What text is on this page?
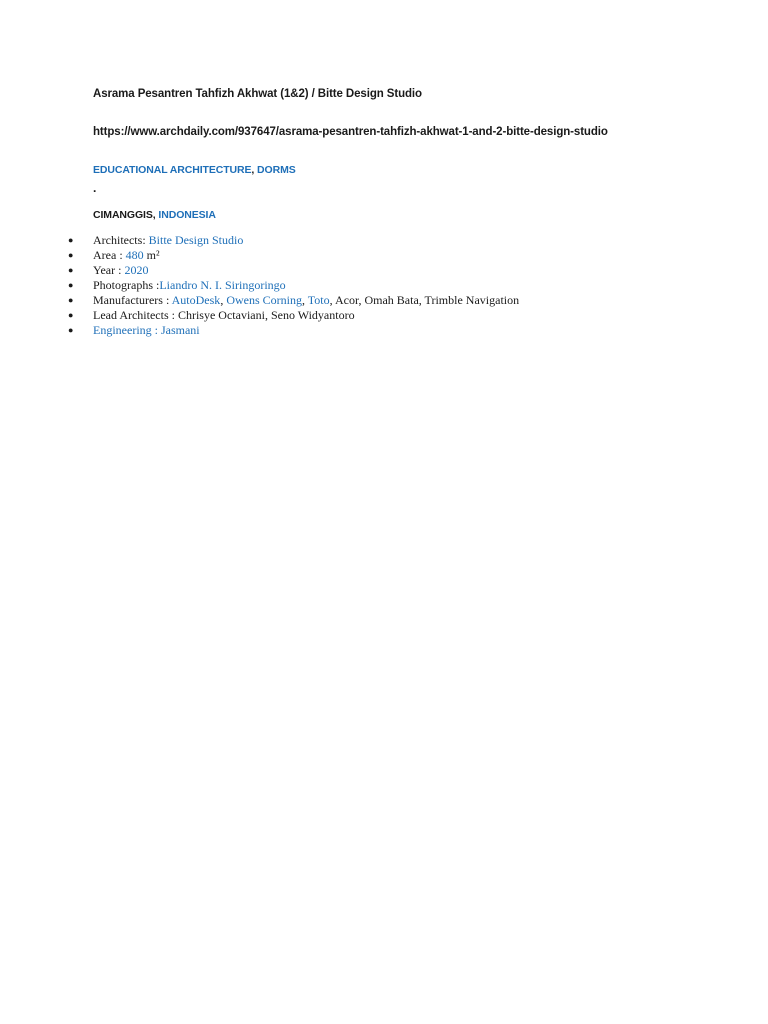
Asrama Pesantren Tahfizh Akhwat (1&2) / Bitte Design Studio
https://www.archdaily.com/937647/asrama-pesantren-tahfizh-akhwat-1-and-2-bitte-design-studio
EDUCATIONAL ARCHITECTURE, DORMS
.
CIMANGGIS, INDONESIA
● Architects: Bitte Design Studio
● Area : 480 m²
● Year : 2020
● Photographs :Liandro N. I. Siringoringo
● Manufacturers : AutoDesk, Owens Corning, Toto, Acor, Omah Bata, Trimble Navigation
● Lead Architects : Chrisye Octaviani, Seno Widyantoro
● Engineering : Jasmani
